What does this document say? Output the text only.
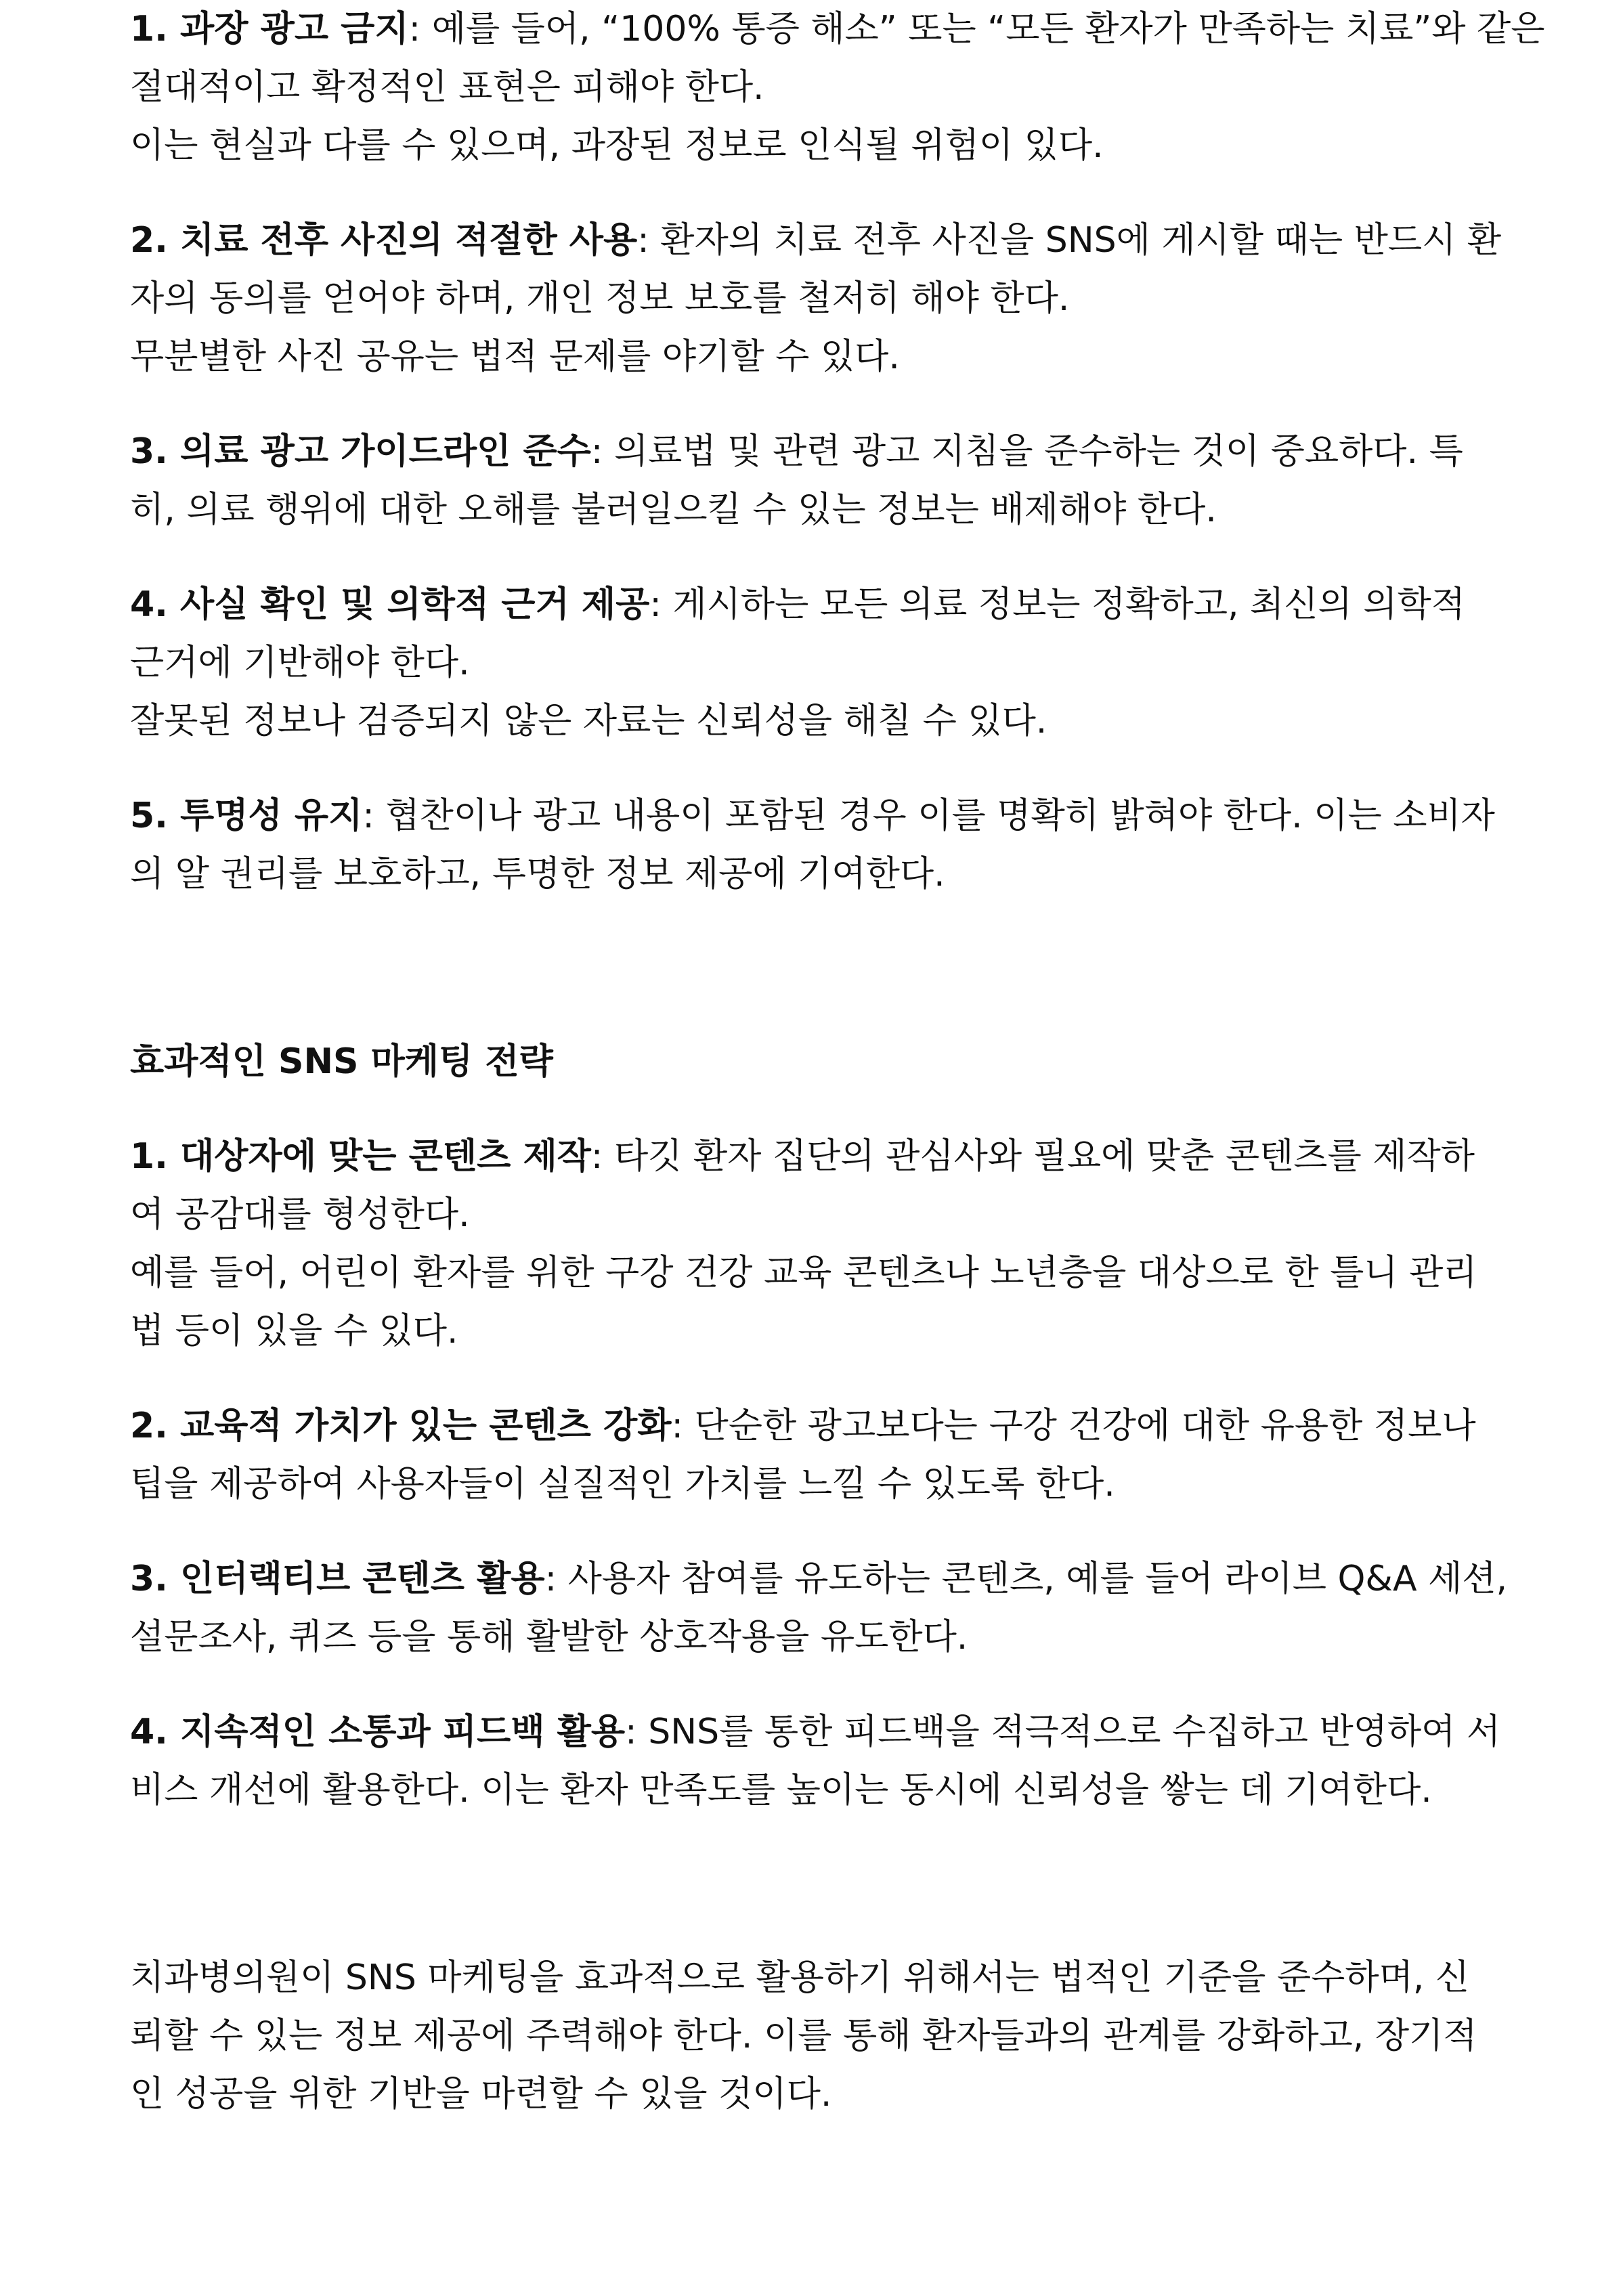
1. 과장 광고 금지: 예를 들어, “100% 통증 해소” 또는 “모든 환자가 만족하는 치료”와 같은
절대적이고 확정적인 표현은 피해야 한다.
이는 현실과 다를 수 있으며, 과장된 정보로 인식될 위험이 있다.
2. 치료 전후 사진의 적절한 사용: 환자의 치료 전후 사진을 SNS에 게시할 때는 반드시 환
자의 동의를 얻어야 하며, 개인 정보 보호를 철저히 해야 한다.
무분별한 사진 공유는 법적 문제를 야기할 수 있다.
3. 의료 광고 가이드라인 준수: 의료법 및 관련 광고 지침을 준수하는 것이 중요하다. 특
히, 의료 행위에 대한 오해를 불러일으킬 수 있는 정보는 배제해야 한다.
4. 사실 확인 및 의학적 근거 제공: 게시하는 모든 의료 정보는 정확하고, 최신의 의학적
근거에 기반해야 한다.
잘못된 정보나 검증되지 않은 자료는 신뢰성을 해칠 수 있다.
5. 투명성 유지: 협찬이나 광고 내용이 포함된 경우 이를 명확히 밝혀야 한다. 이는 소비자
의 알 권리를 보호하고, 투명한 정보 제공에 기여한다.
효과적인 SNS 마케팅 전략
1. 대상자에 맞는 콘텐츠 제작: 타깃 환자 집단의 관심사와 필요에 맞춘 콘텐츠를 제작하
여 공감대를 형성한다.
예를 들어, 어린이 환자를 위한 구강 건강 교육 콘텐츠나 노년층을 대상으로 한 틀니 관리
법 등이 있을 수 있다.
2. 교육적 가치가 있는 콘텐츠 강화: 단순한 광고보다는 구강 건강에 대한 유용한 정보나
팁을 제공하여 사용자들이 실질적인 가치를 느낄 수 있도록 한다.
3. 인터랙티브 콘텐츠 활용: 사용자 참여를 유도하는 콘텐츠, 예를 들어 라이브 Q&A 세션,
설문조사, 퀴즈 등을 통해 활발한 상호작용을 유도한다.
4. 지속적인 소통과 피드백 활용: SNS를 통한 피드백을 적극적으로 수집하고 반영하여 서
비스 개선에 활용한다. 이는 환자 만족도를 높이는 동시에 신뢰성을 쌓는 데 기여한다.
치과병의원이 SNS 마케팅을 효과적으로 활용하기 위해서는 법적인 기준을 준수하며, 신
뢰할 수 있는 정보 제공에 주력해야 한다. 이를 통해 환자들과의 관계를 강화하고, 장기적
인 성공을 위한 기반을 마련할 수 있을 것이다.
